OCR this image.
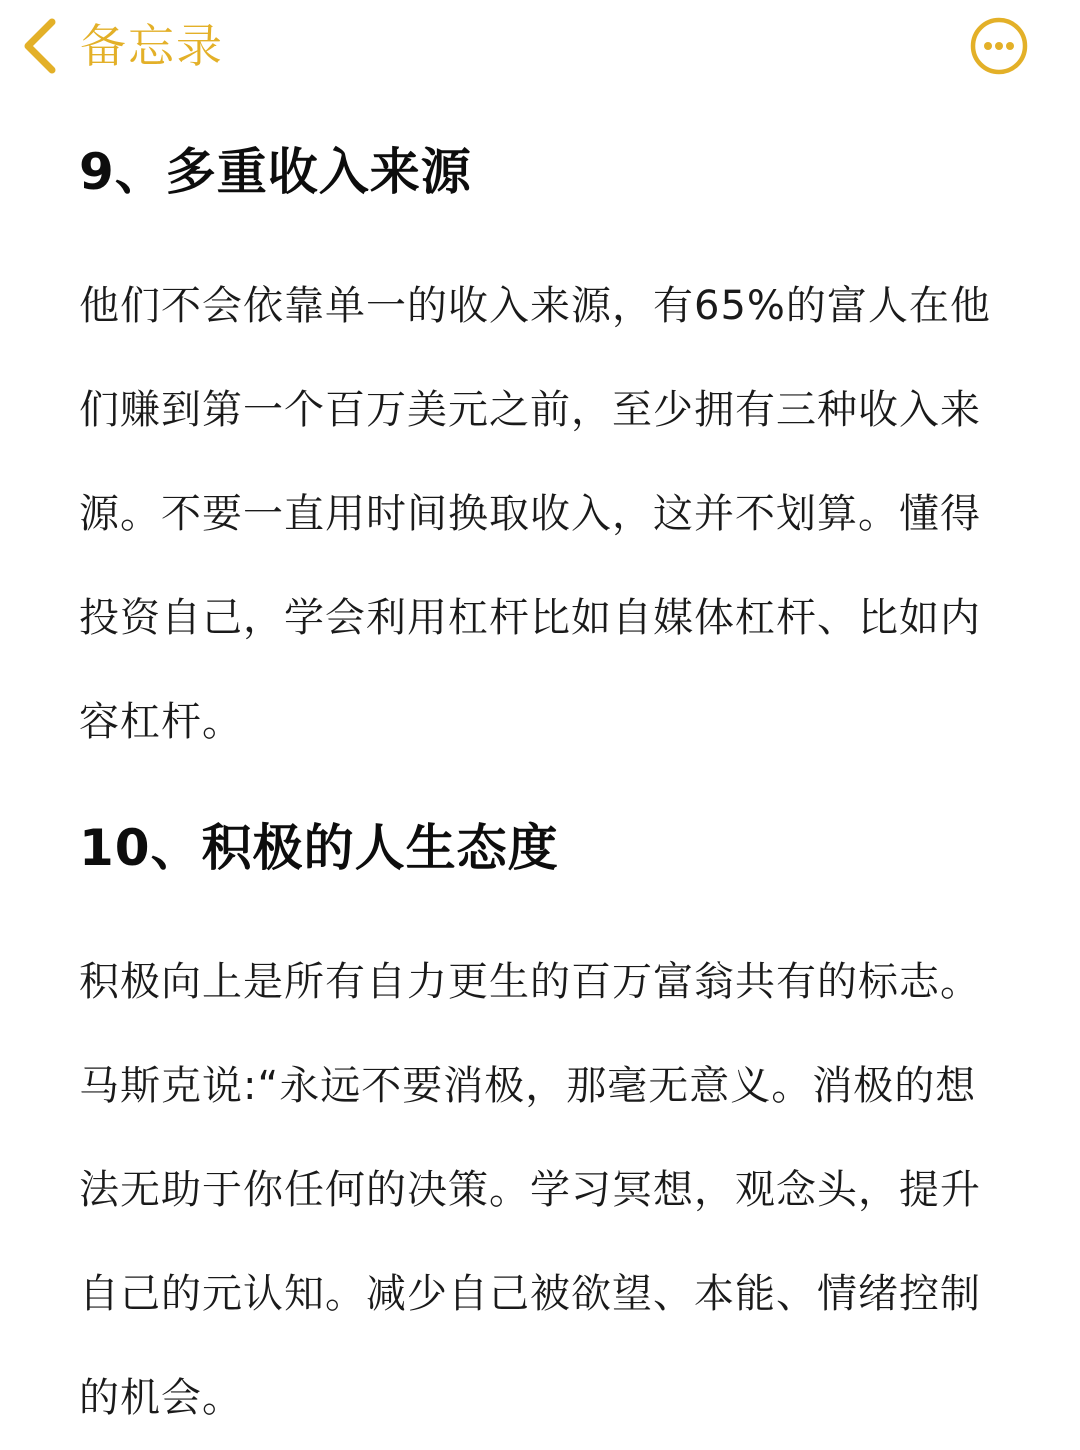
备忘录
9、多重收入来源

他们不会依靠单一的收入来源，有65%的富人在他
们赚到第一个百万美元之前，至少拥有三种收入来
源。不要一直用时间换取收入，这并不划算。懂得
投资自己，学会利用杠杆比如自媒体杠杆、比如内
容杠杆。

10、积极的人生态度

积极向上是所有自力更生的百万富翁共有的标志。

马斯克说:“永远不要消极，那毫无意义。消极的想
法无助于你任何的决策。学习冥想，观念头，提升
自己的元认知。减少自己被欲望、本能、情绪控制
的机会。
